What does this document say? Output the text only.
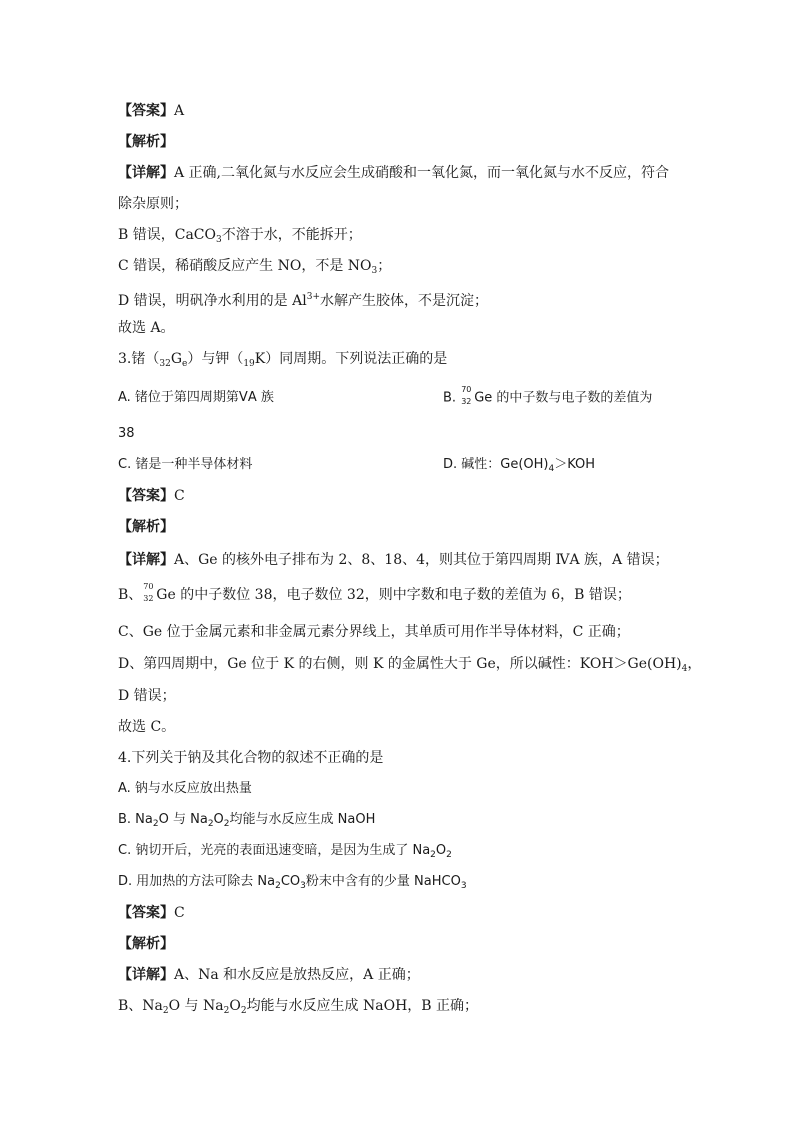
【答案】A
【解析】
【详解】A 正确,二氧化氮与水反应会生成硝酸和一氧化氮，而一氧化氮与水不反应，符合
除杂原则；
B 错误，CaCO$_3$不溶于水，不能拆开；
C 错误，稀硝酸反应产生 NO，不是 $NO_3$；
D 错误，明矾净水利用的是 $Al^{3+}$水解产生胶体，不是沉淀；
故选 A。
3.锗$(_{32}G_e)$与钾$(_{19}K)$同周期。下列说法正确的是
A. 锗位于第四周期第ⅤA 族	B.
70
32 Ge 的中子数与电子数的差值为
38
C. 锗是一种半导体材料	D. 碱性：$Ge(OH)_4>KOH$
【答案】C
【解析】
【详解】A、Ge 的核外电子排布为 2、8、18、4，则其位于第四周期 ⅣA 族，A 错误；
B、
70
32 Ge 的中子数位 38，电子数位 32，则中字数和电子数的差值为 6，B 错误；
C、Ge 位于金属元素和非金属元素分界线上，其单质可用作半导体材料，C 正确；
D、第四周期中，Ge 位于 K 的右侧，则 K 的金属性大于 Ge，所以碱性：$KOH>Ge(OH)_4$，
D 错误；
故选 C。
4.下列关于钠及其化合物的叙述不正确的是
A. 钠与水反应放出热量
B. $Na_2O$ 与 $Na_2O_2$均能与水反应生成 NaOH
C. 钠切开后，光亮的表面迅速变暗，是因为生成了 $Na_2O_2$
D. 用加热的方法可除去 $Na_2CO_3$粉末中含有的少量 NaHCO$_3$
【答案】C
【解析】
【详解】A、Na 和水反应是放热反应，A 正确；
B、$Na_2O$ 与 $Na_2O_2$均能与水反应生成 NaOH，B 正确；
